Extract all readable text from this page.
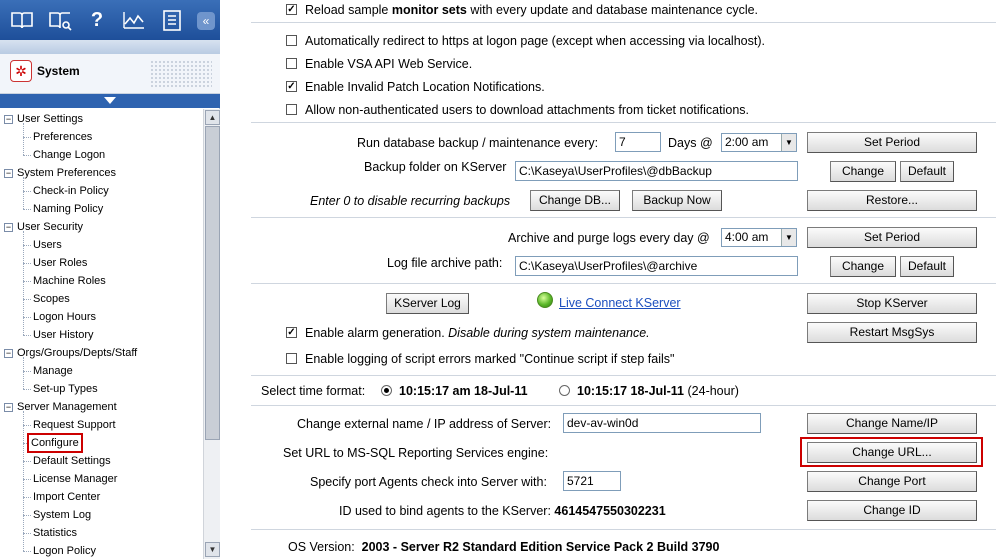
?	«
✲ System
− User Settings
Preferences
Change Logon
− System Preferences
Check-in Policy
Naming Policy
− User Security
Users
User Roles
Machine Roles
Scopes
Logon Hours
User History
− Orgs/Groups/Depts/Staff
Manage
Set-up Types
− Server Management
Request Support
Configure
Default Settings
License Manager
Import Center
System Log
Statistics
Logon Policy
▲
▼
✓ Reload sample monitor sets with every update and database maintenance cycle.
Automatically redirect to https at logon page (except when accessing via localhost).
Enable VSA API Web Service.
✓ Enable Invalid Patch Location Notifications.
Allow non-authenticated users to download attachments from ticket notifications.
Run database backup / maintenance every:	7	Days @	2:00 am	▼	Set Period
Backup folder on KServer	C:\Kaseya\UserProfiles\@dbBackup	Change	Default
Enter 0 to disable recurring backups	Change DB...	Backup Now	Restore...
Archive and purge logs every day @	4:00 am	▼	Set Period
Log file archive path:	C:\Kaseya\UserProfiles\@archive	Change	Default
KServer Log	Live Connect KServer	Stop KServer
✓ Enable alarm generation. Disable during system maintenance.	Restart MsgSys
Enable logging of script errors marked "Continue script if step fails"
Select time format:	10:15:17 am 18-Jul-11	10:15:17 18-Jul-11 (24-hour)
Change external name / IP address of Server:	dev-av-win0d	Change Name/IP
Set URL to MS-SQL Reporting Services engine:	Change URL...
Specify port Agents check into Server with:	5721	Change Port
ID used to bind agents to the KServer: 4614547550302231	Change ID
OS Version: 2003 - Server R2 Standard Edition Service Pack 2 Build 3790
